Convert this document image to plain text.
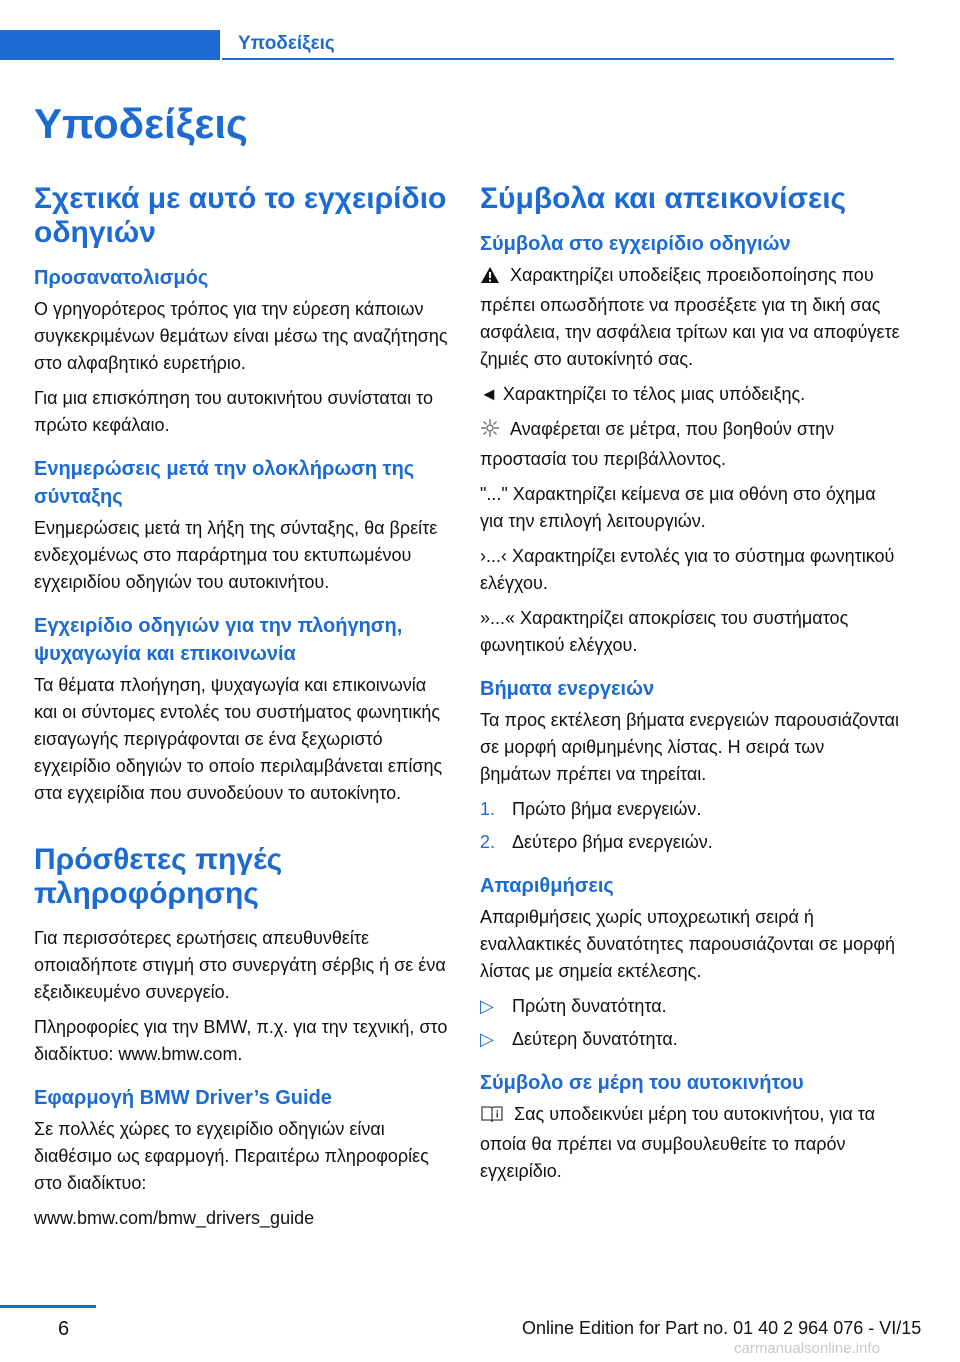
Υποδείξεις
Υποδείξεις
Σχετικά με αυτό το εγχειρίδιο οδηγιών
Προσανατολισμός

Ο γρηγορότερος τρόπος για την εύρεση κάποιων συγκεκριμένων θεμάτων είναι μέσω της αναζήτησης στο αλφαβητικό ευρετήριο.

Για μια επισκόπηση του αυτοκινήτου συνίσταται το πρώτο κεφάλαιο.

Ενημερώσεις μετά την ολοκλήρωση της σύνταξης

Ενημερώσεις μετά τη λήξη της σύνταξης, θα βρείτε ενδεχομένως στο παράρτημα του εκτυπωμένου εγχειριδίου οδηγιών του αυτοκινήτου.

Εγχειρίδιο οδηγιών για την πλοήγηση, ψυχαγωγία και επικοινωνία

Τα θέματα πλοήγηση, ψυχαγωγία και επικοινωνία και οι σύντομες εντολές του συστήματος φωνητικής εισαγωγής περιγράφονται σε ένα ξεχωριστό εγχειρίδιο οδηγιών το οποίο περιλαμβάνεται επίσης στα εγχειρίδια που συνοδεύουν το αυτοκίνητο.

Πρόσθετες πηγές πληροφόρησης

Για περισσότερες ερωτήσεις απευθυνθείτε οποιαδήποτε στιγμή στο συνεργάτη σέρβις ή σε ένα εξειδικευμένο συνεργείο.

Πληροφορίες για την BMW, π.χ. για την τεχνική, στο διαδίκτυο: www.bmw.com.

Εφαρμογή BMW Driver’s Guide

Σε πολλές χώρες το εγχειρίδιο οδηγιών είναι διαθέσιμο ως εφαρμογή. Περαιτέρω πληροφορίες στο διαδίκτυο:

www.bmw.com/bmw_drivers_guide

Σύμβολα και απεικονίσεις
Σύμβολα στο εγχειρίδιο οδηγιών

Χαρακτηρίζει υποδείξεις προειδοποίησης που πρέπει οπωσδήποτε να προσέξετε για τη δική σας ασφάλεια, την ασφάλεια τρίτων και για να αποφύγετε ζημιές στο αυτοκίνητό σας.

◄ Χαρακτηρίζει το τέλος μιας υπόδειξης.

Αναφέρεται σε μέτρα, που βοηθούν στην προστασία του περιβάλλοντος.

"..." Χαρακτηρίζει κείμενα σε μια οθόνη στο όχημα για την επιλογή λειτουργιών.

›...‹ Χαρακτηρίζει εντολές για το σύστημα φωνητικού ελέγχου.

»...« Χαρακτηρίζει αποκρίσεις του συστήματος φωνητικού ελέγχου.

Βήματα ενεργειών

Τα προς εκτέλεση βήματα ενεργειών παρουσιάζονται σε μορφή αριθμημένης λίστας. Η σειρά των βημάτων πρέπει να τηρείται.

1. Πρώτο βήμα ενεργειών.
2. Δεύτερο βήμα ενεργειών.
Απαριθμήσεις

Απαριθμήσεις χωρίς υποχρεωτική σειρά ή εναλλακτικές δυνατότητες παρουσιάζονται σε μορφή λίστας με σημεία εκτέλεσης.

▷	Πρώτη δυνατότητα.
▷	Δεύτερη δυνατότητα.
Σύμβολο σε μέρη του αυτοκινήτου

Σας υποδεικνύει μέρη του αυτοκινήτου, για τα οποία θα πρέπει να συμβουλευθείτε το παρόν εγχειρίδιο.

6	Online Edition for Part no. 01 40 2 964 076 - VI/15
carmanualsonline.info
